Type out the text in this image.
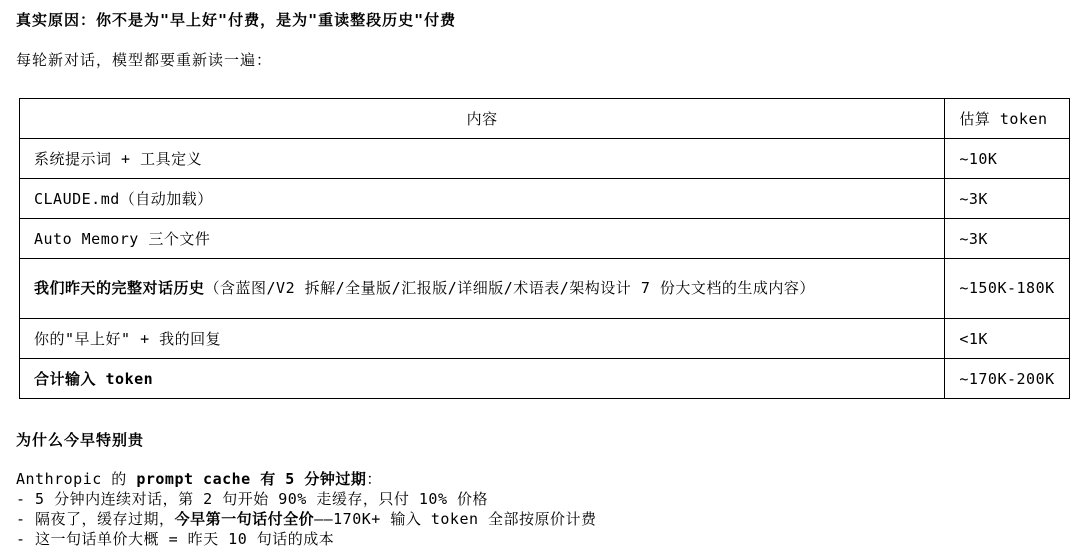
真实原因：你不是为"早上好"付费，是为"重读整段历史"付费
每轮新对话，模型都要重新读一遍：
内容	估算 token
系统提示词 + 工具定义	~10K
CLAUDE.md（自动加载）	~3K
Auto Memory 三个文件	~3K
我们昨天的完整对话历史（含蓝图/V2 拆解/全量版/汇报版/详细版/术语表/架构设计 7 份大文档的生成内容）	~150K-180K
你的"早上好" + 我的回复	<1K
合计输入 token	~170K-200K
为什么今早特别贵
Anthropic 的 prompt cache 有 5 分钟过期：
- 5 分钟内连续对话，第 2 句开始 90% 走缓存，只付 10% 价格
- 隔夜了，缓存过期，今早第一句话付全价——170K+ 输入 token 全部按原价计费
- 这一句话单价大概 = 昨天 10 句话的成本
